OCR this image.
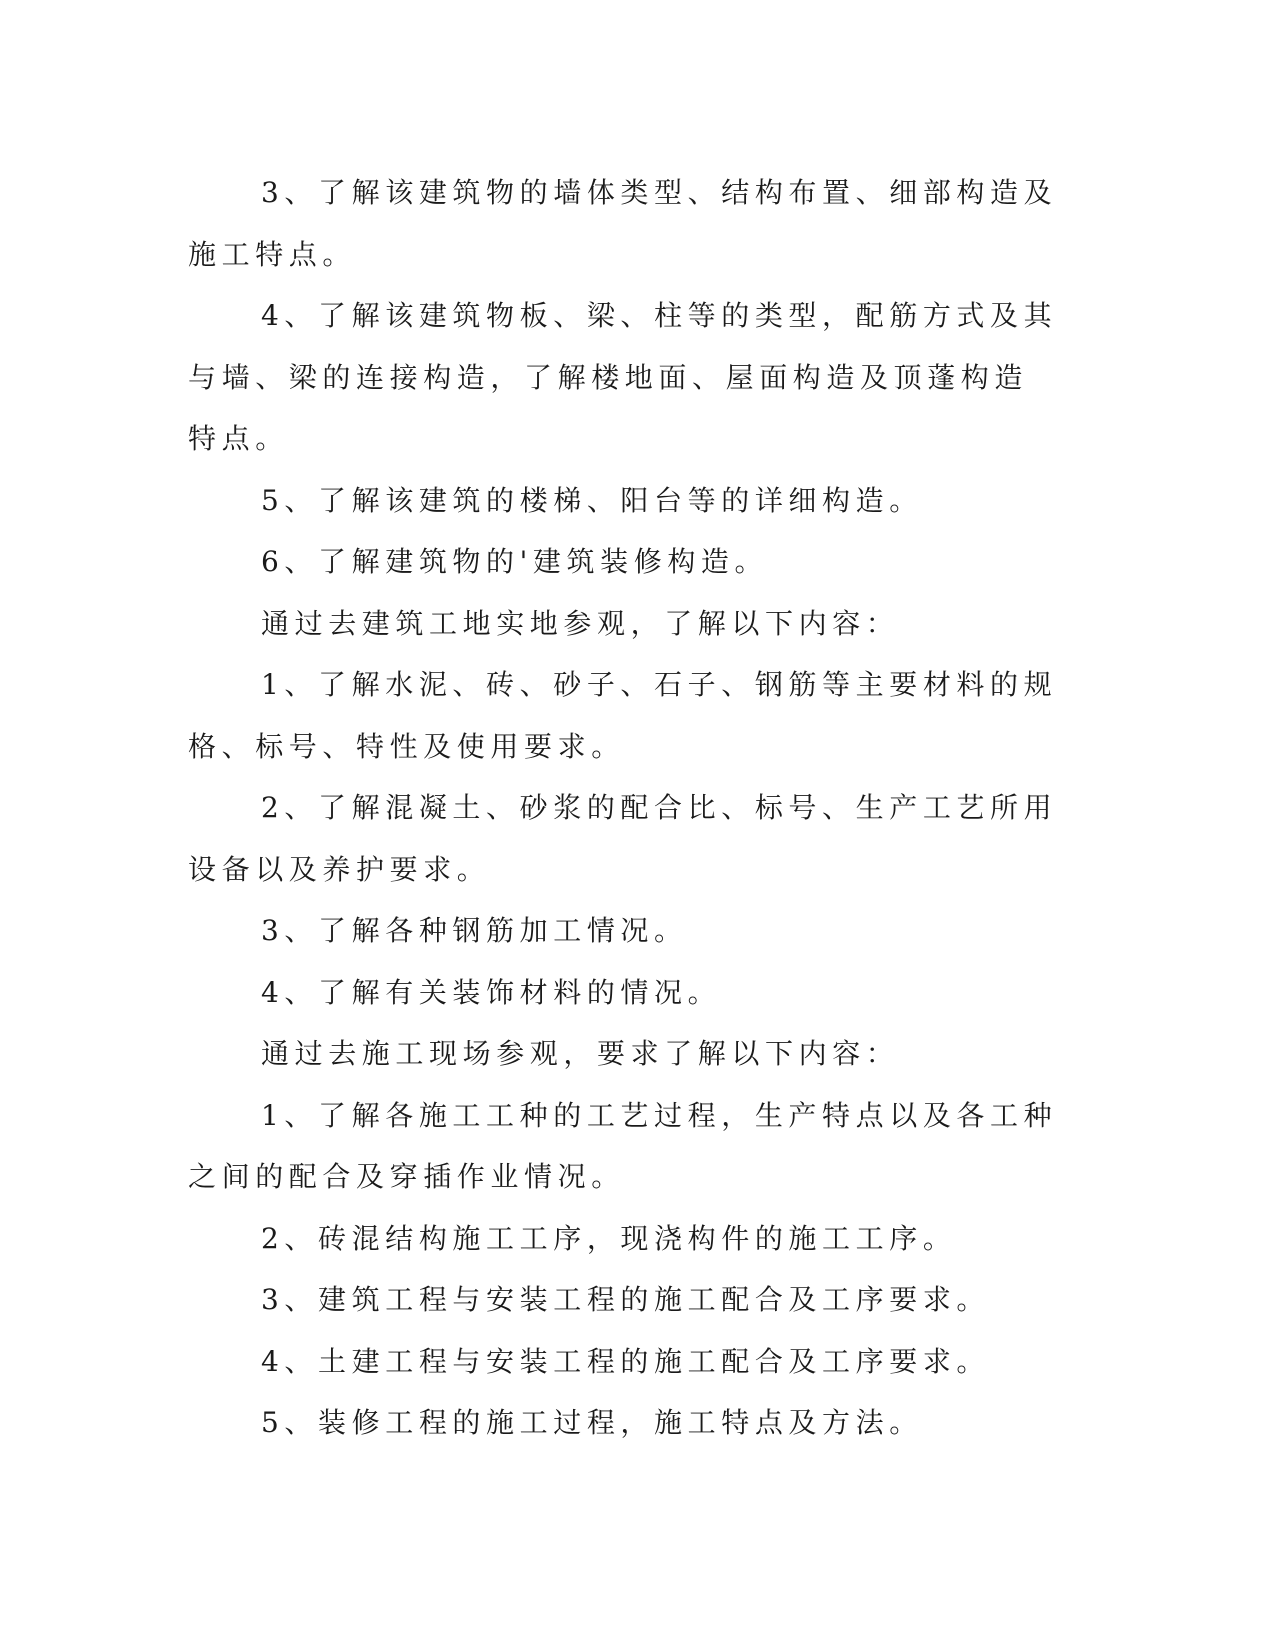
3、了解该建筑物的墙体类型、结构布置、细部构造及施工特点。

4、了解该建筑物板、梁、柱等的类型，配筋方式及其与墙、梁的连接构造，了解楼地面、屋面构造及顶蓬构造特点。

5、了解该建筑的楼梯、阳台等的详细构造。

6、了解建筑物的'建筑装修构造。

通过去建筑工地实地参观，了解以下内容：

1、了解水泥、砖、砂子、石子、钢筋等主要材料的规格、标号、特性及使用要求。

2、了解混凝土、砂浆的配合比、标号、生产工艺所用设备以及养护要求。

3、了解各种钢筋加工情况。

4、了解有关装饰材料的情况。

通过去施工现场参观，要求了解以下内容：

1、了解各施工工种的工艺过程，生产特点以及各工种之间的配合及穿插作业情况。

2、砖混结构施工工序，现浇构件的施工工序。

3、建筑工程与安装工程的施工配合及工序要求。

4、土建工程与安装工程的施工配合及工序要求。

5、装修工程的施工过程，施工特点及方法。
